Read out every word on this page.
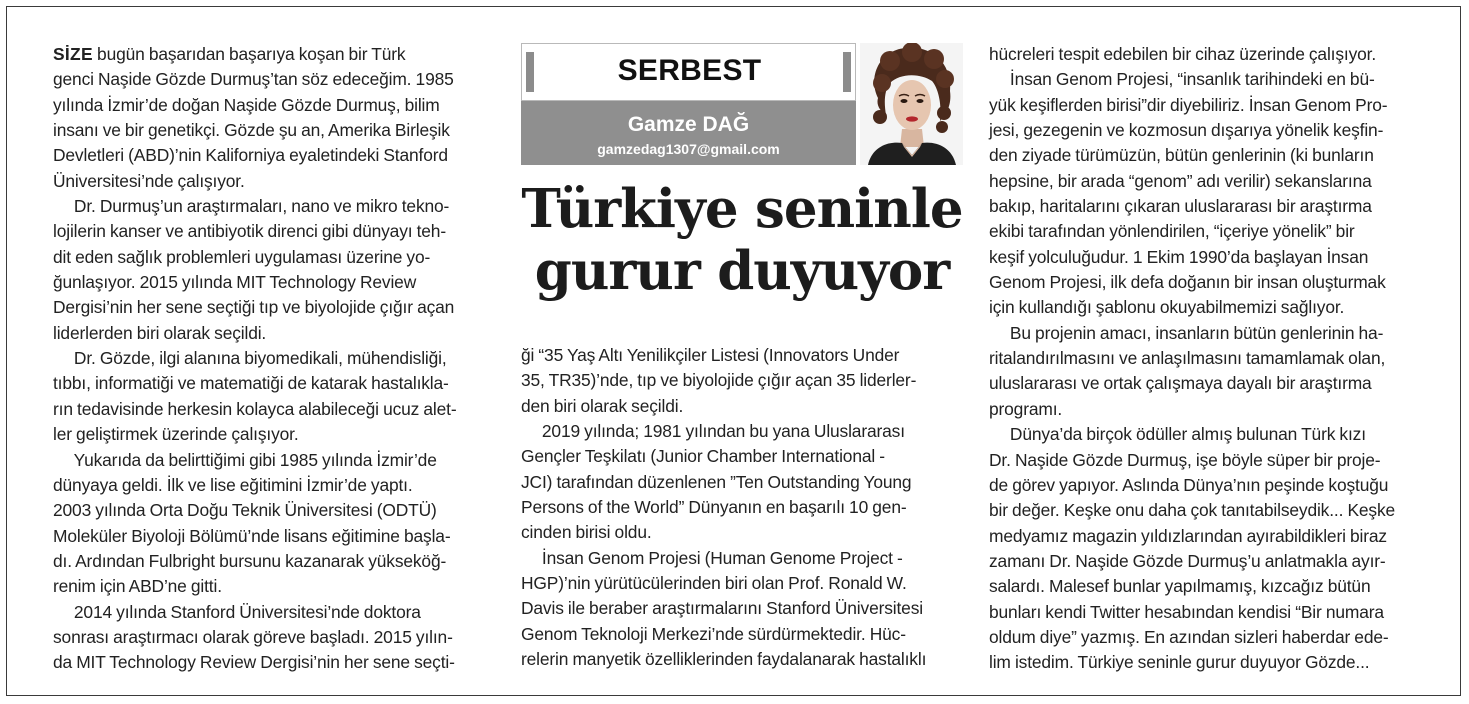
SİZE bugün başarıdan başarıya koşan bir Türk

genci Naşide Gözde Durmuş’tan söz edeceğim. 1985

yılında İzmir’de doğan Naşide Gözde Durmuş, bilim

insanı ve bir genetikçi. Gözde şu an, Amerika Birleşik

Devletleri (ABD)’nin Kaliforniya eyaletindeki Stanford

Üniversitesi’nde çalışıyor.

Dr. Durmuş’un araştırmaları, nano ve mikro tekno-

lojilerin kanser ve antibiyotik direnci gibi dünyayı teh-

dit eden sağlık problemleri uygulaması üzerine yo-

ğunlaşıyor. 2015 yılında MIT Technology Review

Dergisi’nin her sene seçtiği tıp ve biyolojide çığır açan

liderlerden biri olarak seçildi.

Dr. Gözde, ilgi alanına biyomedikali, mühendisliği,

tıbbı, informatiği ve matematiği de katarak hastalıkla-

rın tedavisinde herkesin kolayca alabileceği ucuz alet-

ler geliştirmek üzerinde çalışıyor.

Yukarıda da belirttiğimi gibi 1985 yılında İzmir’de

dünyaya geldi. İlk ve lise eğitimini İzmir’de yaptı.

2003 yılında Orta Doğu Teknik Üniversitesi (ODTÜ)

Moleküler Biyoloji Bölümü’nde lisans eğitimine başla-

dı. Ardından Fulbright bursunu kazanarak yükseköğ-

renim için ABD’ne gitti.

2014 yılında Stanford Üniversitesi’nde doktora

sonrası araştırmacı olarak göreve başladı. 2015 yılın-

da MIT Technology Review Dergisi’nin her sene seçti-

SERBEST
Gamze DAĞ
gamzedag1307@gmail.com
Türkiye seninle
gurur duyuyor

ği “35 Yaş Altı Yenilikçiler Listesi (Innovators Under

35, TR35)’nde, tıp ve biyolojide çığır açan 35 liderler-

den biri olarak seçildi.

2019 yılında; 1981 yılından bu yana Uluslararası

Gençler Teşkilatı (Junior Chamber International -

JCI) tarafından düzenlenen ”Ten Outstanding Young

Persons of the World” Dünyanın en başarılı 10 gen-

cinden birisi oldu.

İnsan Genom Projesi (Human Genome Project -

HGP)’nin yürütücülerinden biri olan Prof. Ronald W.

Davis ile beraber araştırmalarını Stanford Üniversitesi

Genom Teknoloji Merkezi’nde sürdürmektedir. Hüc-

relerin manyetik özelliklerinden faydalanarak hastalıklı

hücreleri tespit edebilen bir cihaz üzerinde çalışıyor.

İnsan Genom Projesi, “insanlık tarihindeki en bü-

yük keşiflerden birisi”dir diyebiliriz. İnsan Genom Pro-

jesi, gezegenin ve kozmosun dışarıya yönelik keşfin-

den ziyade türümüzün, bütün genlerinin (ki bunların

hepsine, bir arada “genom” adı verilir) sekanslarına

bakıp, haritalarını çıkaran uluslararası bir araştırma

ekibi tarafından yönlendirilen, “içeriye yönelik” bir

keşif yolculuğudur. 1 Ekim 1990’da başlayan İnsan

Genom Projesi, ilk defa doğanın bir insan oluşturmak

için kullandığı şablonu okuyabilmemizi sağlıyor.

Bu projenin amacı, insanların bütün genlerinin ha-

ritalandırılmasını ve anlaşılmasını tamamlamak olan,

uluslararası ve ortak çalışmaya dayalı bir araştırma

programı.

Dünya’da birçok ödüller almış bulunan Türk kızı

Dr. Naşide Gözde Durmuş, işe böyle süper bir proje-

de görev yapıyor. Aslında Dünya’nın peşinde koştuğu

bir değer. Keşke onu daha çok tanıtabilseydik... Keşke

medyamız magazin yıldızlarından ayırabildikleri biraz

zamanı Dr. Naşide Gözde Durmuş’u anlatmakla ayır-

salardı. Malesef bunlar yapılmamış, kızcağız bütün

bunları kendi Twitter hesabından kendisi “Bir numara

oldum diye” yazmış. En azından sizleri haberdar ede-

lim istedim. Türkiye seninle gurur duyuyor Gözde...
